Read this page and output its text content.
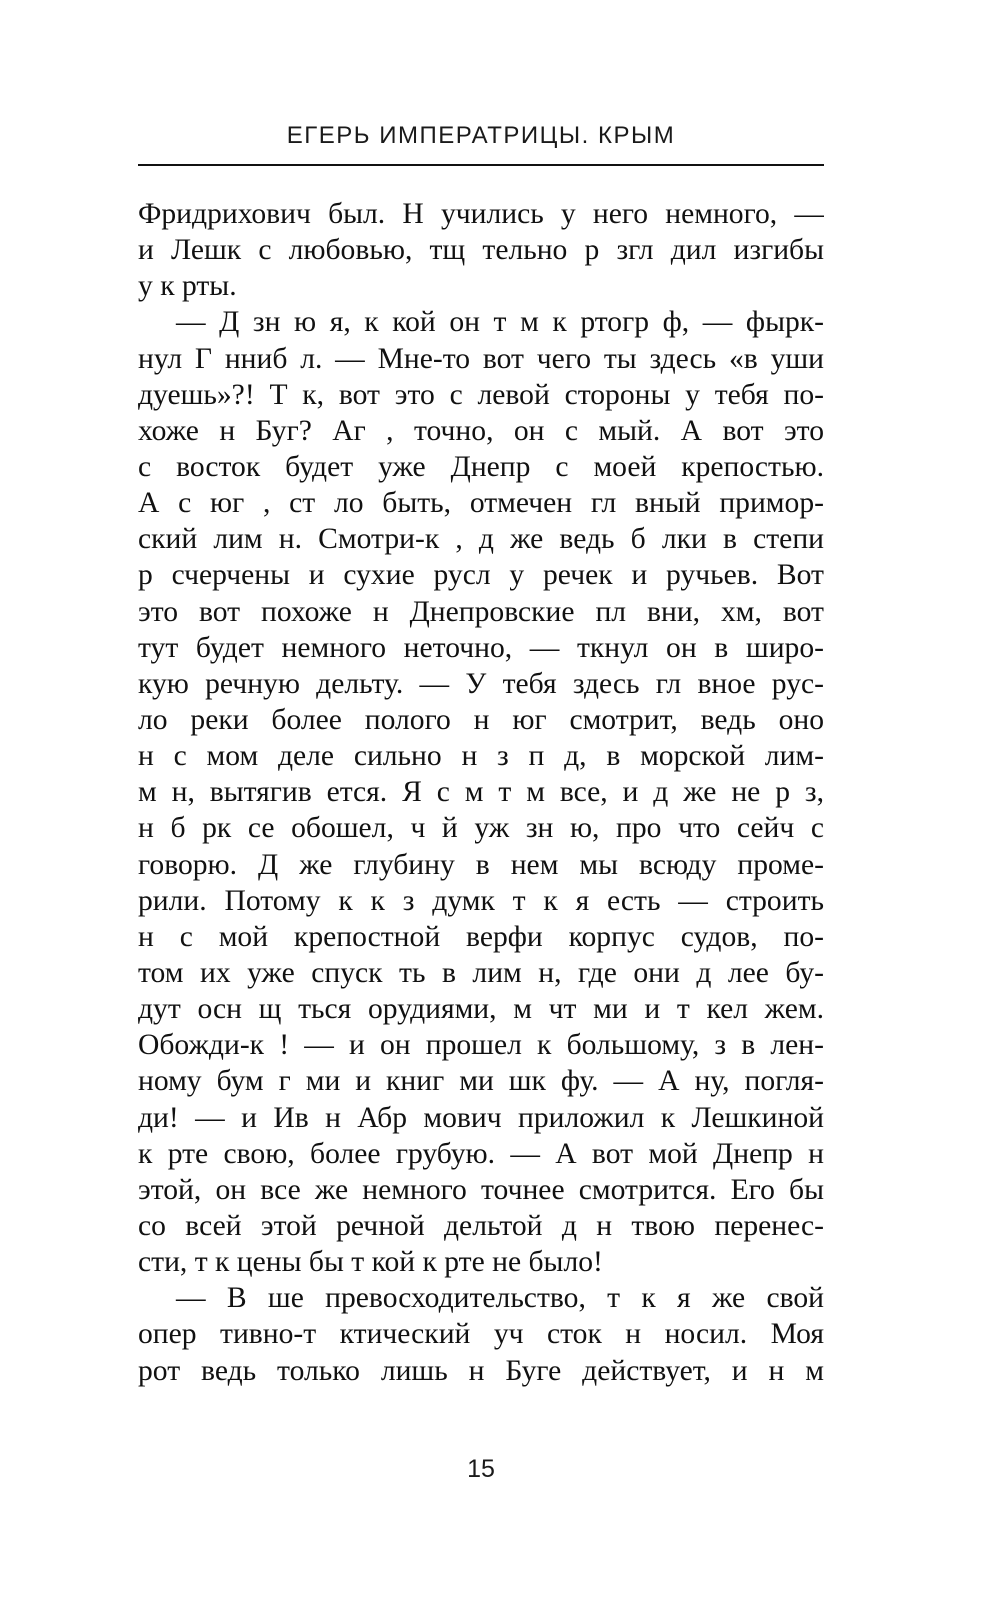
ЕГЕРЬ ИМПЕРАТРИЦЫ. КРЫМ
Фридрихович был. Н учились у него немного, —
и Лешк с любовью, тщ тельно р згл дил изгибы
у к рты.
— Д зн ю я, к кой он т м к ртогр ф, — фырк-
нул Г нниб л. — Мне-то вот чего ты здесь «в уши
дуешь»?! Т к, вот это с левой стороны у тебя по-
хоже н Буг? Аг , точно, он с мый. А вот это
с восток будет уже Днепр с моей крепостью.
А с юг , ст ло быть, отмечен гл вный примор-
ский лим н. Смотри-к , д же ведь б лки в степи
р счерчены и сухие русл у речек и ручьев. Вот
это вот похоже н Днепровские пл вни, хм, вот
тут будет немного неточно, — ткнул он в широ-
кую речную дельту. — У тебя здесь гл вное рус-
ло реки более полого н юг смотрит, ведь оно
н с мом деле сильно н з п д, в морской лим-
м н, вытягив ется. Я с м т м все, и д же не р з,
н б рк се обошел, ч й уж зн ю, про что сейч с
говорю. Д же глубину в нем мы всюду проме-
рили. Потому к к з думк т к я есть — строить
н с мой крепостной верфи корпус судов, по-
том их уже спуск ть в лим н, где они д лее бу-
дут осн щ ться орудиями, м чт ми и т кел жем.
Обожди-к ! — и он прошел к большому, з в лен-
ному бум г ми и книг ми шк фу. — А ну, погля-
ди! — и Ив н Абр мович приложил к Лешкиной
к рте свою, более грубую. — А вот мой Днепр н
этой, он все же немного точнее смотрится. Его бы
со всей этой речной дельтой д н твою перенес-
сти, т к цены бы т кой к рте не было!
— В ше превосходительство, т к я же свой
опер тивно-т ктический уч сток н носил. Моя
рот ведь только лишь н Буге действует, и н м
15
